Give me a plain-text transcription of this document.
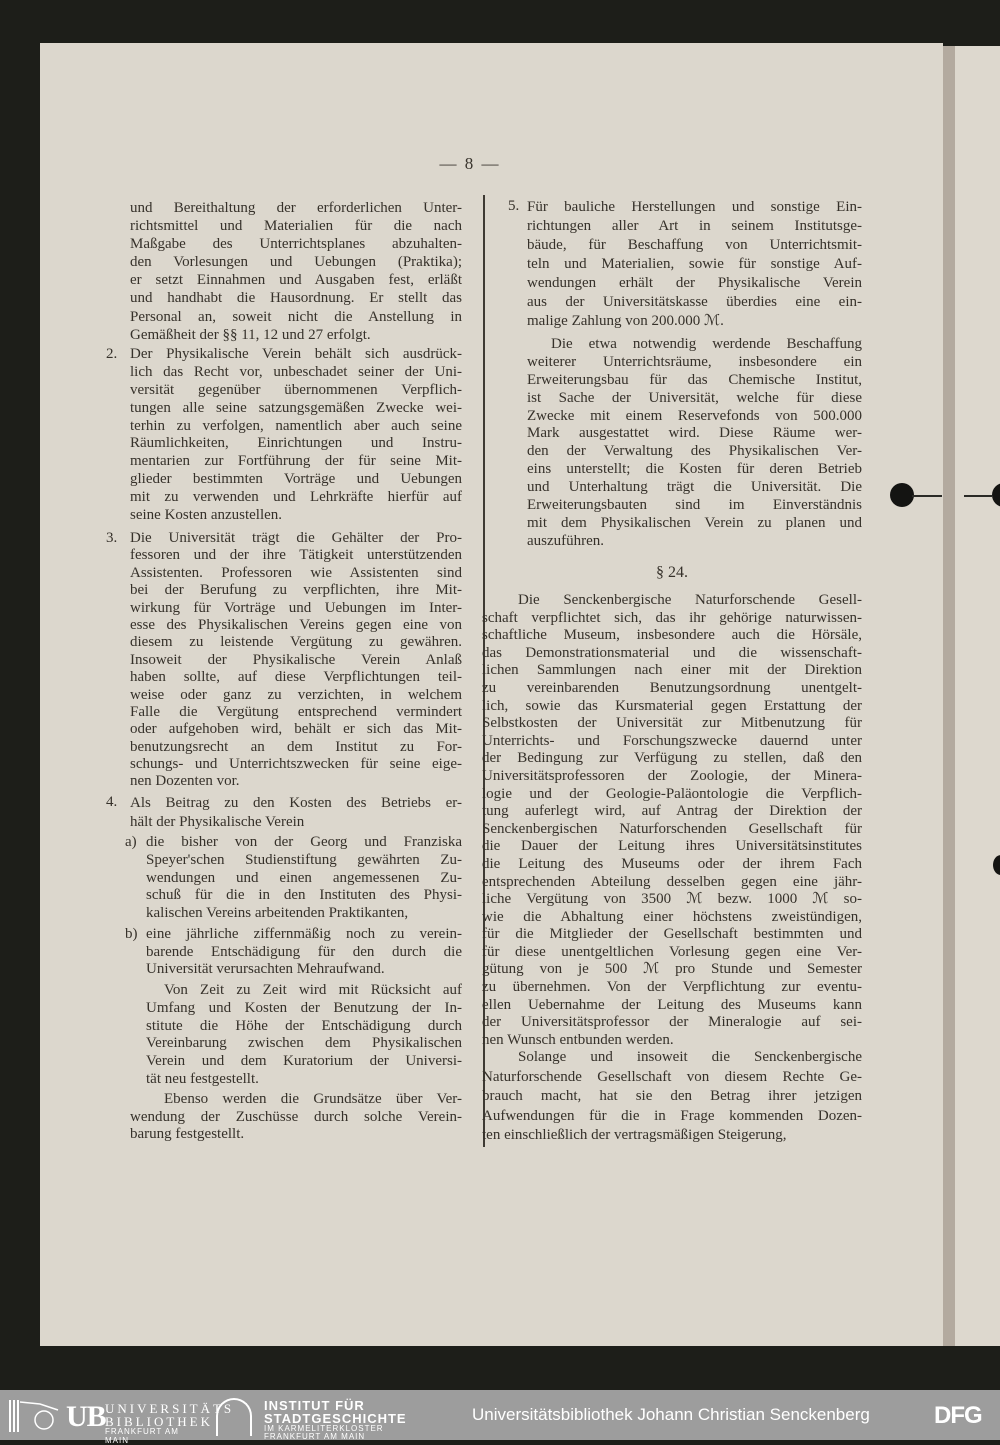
— 8 —
und Bereithaltung der erforderlichen Unter-
richtsmittel und Materialien für die nach
Maßgabe des Unterrichtsplanes abzuhalten-
den Vorlesungen und Uebungen (Praktika);
er setzt Einnahmen und Ausgaben fest, erläßt
und handhabt die Hausordnung. Er stellt das
Personal an, soweit nicht die Anstellung in
Gemäßheit der §§ 11, 12 und 27 erfolgt.
2. Der Physikalische Verein behält sich ausdrück-
lich das Recht vor, unbeschadet seiner der Uni-
versität gegenüber übernommenen Verpflich-
tungen alle seine satzungsgemäßen Zwecke wei-
terhin zu verfolgen, namentlich aber auch seine
Räumlichkeiten, Einrichtungen und Instru-
mentarien zur Fortführung der für seine Mit-
glieder bestimmten Vorträge und Uebungen
mit zu verwenden und Lehrkräfte hierfür auf
seine Kosten anzustellen.
3. Die Universität trägt die Gehälter der Pro-
fessoren und der ihre Tätigkeit unterstützenden
Assistenten. Professoren wie Assistenten sind
bei der Berufung zu verpflichten, ihre Mit-
wirkung für Vorträge und Uebungen im Inter-
esse des Physikalischen Vereins gegen eine von
diesem zu leistende Vergütung zu gewähren.
Insoweit der Physikalische Verein Anlaß
haben sollte, auf diese Verpflichtungen teil-
weise oder ganz zu verzichten, in welchem
Falle die Vergütung entsprechend vermindert
oder aufgehoben wird, behält er sich das Mit-
benutzungsrecht an dem Institut zu For-
schungs- und Unterrichtszwecken für seine eige-
nen Dozenten vor.
4. Als Beitrag zu den Kosten des Betriebs er-
hält der Physikalische Verein
a) die bisher von der Georg und Franziska
Speyer'schen Studienstiftung gewährten Zu-
wendungen und einen angemessenen Zu-
schuß für die in den Instituten des Physi-
kalischen Vereins arbeitenden Praktikanten,
b) eine jährliche ziffernmäßig noch zu verein-
barende Entschädigung für den durch die
Universität verursachten Mehraufwand.
Von Zeit zu Zeit wird mit Rücksicht auf
Umfang und Kosten der Benutzung der In-
stitute die Höhe der Entschädigung durch
Vereinbarung zwischen dem Physikalischen
Verein und dem Kuratorium der Universi-
tät neu festgestellt.
Ebenso werden die Grundsätze über Ver-
wendung der Zuschüsse durch solche Verein-
barung festgestellt.
5. Für bauliche Herstellungen und sonstige Ein-
richtungen aller Art in seinem Institutsge-
bäude, für Beschaffung von Unterrichtsmit-
teln und Materialien, sowie für sonstige Auf-
wendungen erhält der Physikalische Verein
aus der Universitätskasse überdies eine ein-
malige Zahlung von 200.000 ℳ.
Die etwa notwendig werdende Beschaffung
weiterer Unterrichtsräume, insbesondere ein
Erweiterungsbau für das Chemische Institut,
ist Sache der Universität, welche für diese
Zwecke mit einem Reservefonds von 500.000
Mark ausgestattet wird. Diese Räume wer-
den der Verwaltung des Physikalischen Ver-
eins unterstellt; die Kosten für deren Betrieb
und Unterhaltung trägt die Universität. Die
Erweiterungsbauten sind im Einverständnis
mit dem Physikalischen Verein zu planen und
auszuführen.
§ 24.
Die Senckenbergische Naturforschende Gesell-
schaft verpflichtet sich, das ihr gehörige naturwissen-
schaftliche Museum, insbesondere auch die Hörsäle,
das Demonstrationsmaterial und die wissenschaft-
lichen Sammlungen nach einer mit der Direktion
zu vereinbarenden Benutzungsordnung unentgelt-
lich, sowie das Kursmaterial gegen Erstattung der
Selbstkosten der Universität zur Mitbenutzung für
Unterrichts- und Forschungszwecke dauernd unter
der Bedingung zur Verfügung zu stellen, daß den
Universitätsprofessoren der Zoologie, der Minera-
logie und der Geologie-Paläontologie die Verpflich-
tung auferlegt wird, auf Antrag der Direktion der
Senckenbergischen Naturforschenden Gesellschaft für
die Dauer der Leitung ihres Universitätsinstitutes
die Leitung des Museums oder der ihrem Fach
entsprechenden Abteilung desselben gegen eine jähr-
liche Vergütung von 3500 ℳ bezw. 1000 ℳ so-
wie die Abhaltung einer höchstens zweistündigen,
für die Mitglieder der Gesellschaft bestimmten und
für diese unentgeltlichen Vorlesung gegen eine Ver-
gütung von je 500 ℳ pro Stunde und Semester
zu übernehmen. Von der Verpflichtung zur eventu-
ellen Uebernahme der Leitung des Museums kann
der Universitätsprofessor der Mineralogie auf sei-
nen Wunsch entbunden werden.
Solange und insoweit die Senckenbergische
Naturforschende Gesellschaft von diesem Rechte Ge-
brauch macht, hat sie den Betrag ihrer jetzigen
Aufwendungen für die in Frage kommenden Dozen-
ten einschließlich der vertragsmäßigen Steigerung,
UB UNIVERSITÄTS
BIBLIOTHEK
FRANKFURT AM MAIN
INSTITUT FÜR
STADTGESCHICHTE
IM KARMELITERKLOSTER
FRANKFURT AM MAIN
Universitätsbibliothek Johann Christian Senckenberg	DFG
